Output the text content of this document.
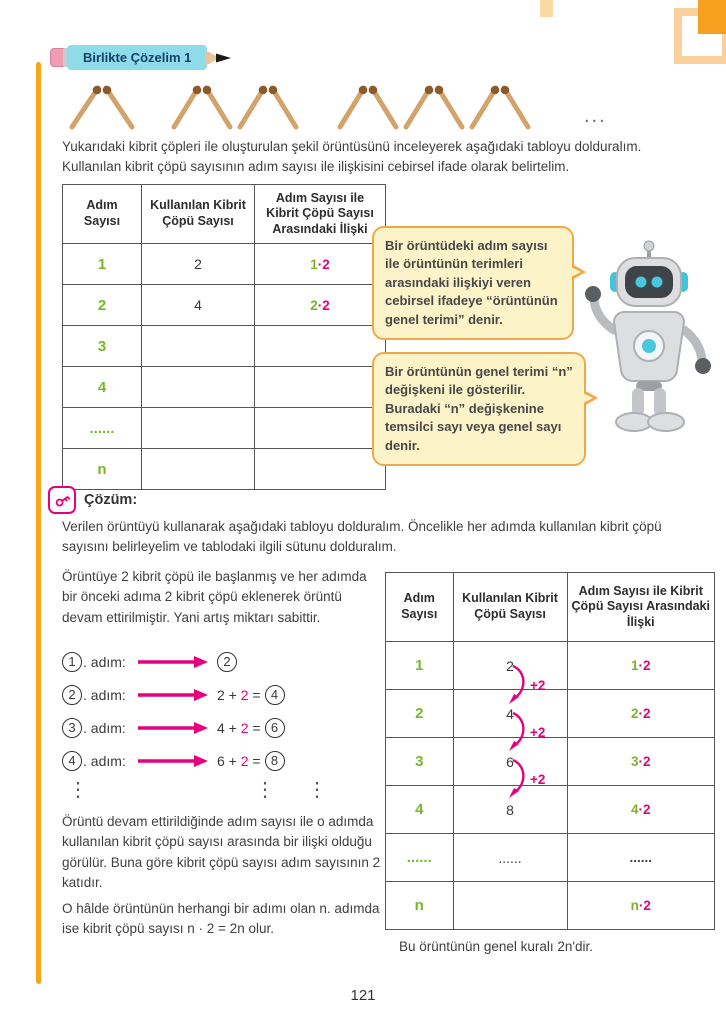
Birlikte Çözelim 1
...
Yukarıdaki kibrit çöpleri ile oluşturulan şekil örüntüsünü inceleyerek aşağıdaki tabloyu dolduralım.
Kullanılan kibrit çöpü sayısının adım sayısı ile ilişkisini cebirsel ifade olarak belirtelim.
Adım Sayısı	Kullanılan Kibrit Çöpü Sayısı	Adım Sayısı ile Kibrit Çöpü Sayısı Arasındaki İlişki
1	2	1·2
2	4	2·2
3		
4		
......		
n		
Bir örüntüdeki adım sayısı ile örüntünün terimleri arasındaki ilişkiyi veren cebirsel ifadeye “örüntünün genel terimi” denir.
Bir örüntünün genel terimi “n” değişkeni ile gösterilir. Buradaki “n” değişkenine temsilci sayı veya genel sayı denir.
Çözüm:
Verilen örüntüyü kullanarak aşağıdaki tabloyu dolduralım. Öncelikle her adımda kullanılan kibrit çöpü sayısını belirleyelim ve tablodaki ilgili sütunu dolduralım.
Örüntüye 2 kibrit çöpü ile başlanmış ve her adımda bir önceki adıma 2 kibrit çöpü eklenerek örüntü devam ettirilmiştir. Yani artış miktarı sabittir.
1 . adım:	2
2 . adım:	2 + 2 = 4
3 . adım:	4 + 2 = 6
4 . adım:	6 + 2 = 8
⋮	⋮ ⋮
Örüntü devam ettirildiğinde adım sayısı ile o adımda kullanılan kibrit çöpü sayısı arasında bir ilişki olduğu görülür. Buna göre kibrit çöpü sayısı adım sayısının 2 katıdır.
O hâlde örüntünün herhangi bir adımı olan n. adımda ise kibrit çöpü sayısı n · 2 = 2n olur.
Adım Sayısı	Kullanılan Kibrit Çöpü Sayısı	Adım Sayısı ile Kibrit Çöpü Sayısı Arasındaki İlişki
1	2	1·2
2	4	2·2
3	6	3·2
4	8	4·2
......	......	......
n		n·2
+2
+2
+2
Bu örüntünün genel kuralı 2n'dir.
121
